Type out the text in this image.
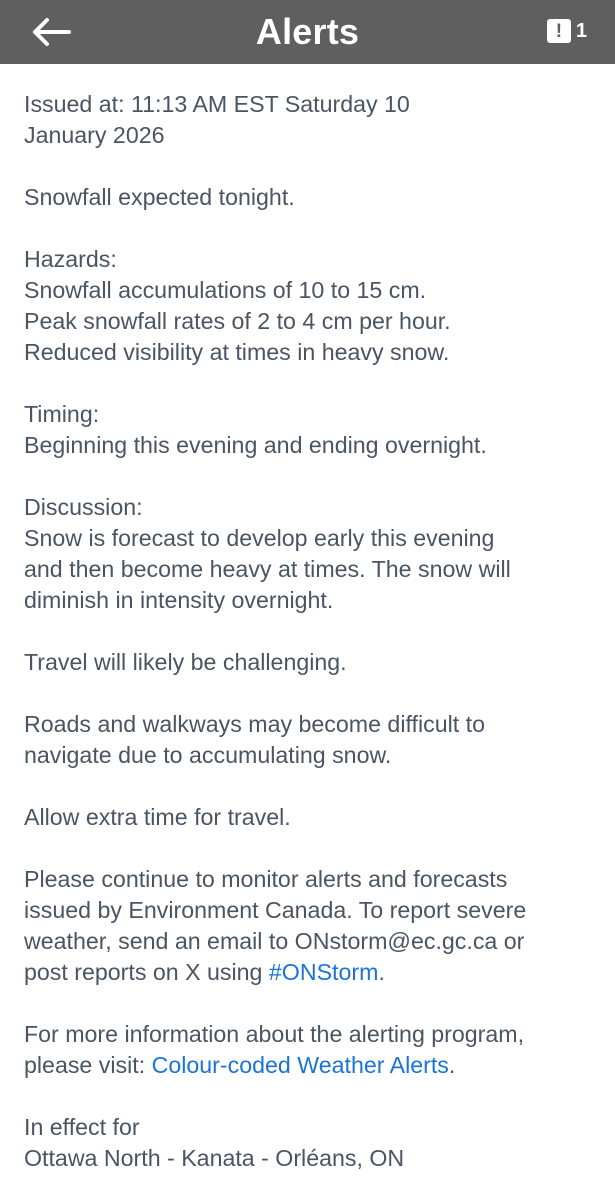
Alerts	! 1

Issued at: 11:13 AM EST Saturday 10
January 2026

Snowfall expected tonight.

Hazards:
Snowfall accumulations of 10 to 15 cm.
Peak snowfall rates of 2 to 4 cm per hour.
Reduced visibility at times in heavy snow.

Timing:
Beginning this evening and ending overnight.

Discussion:
Snow is forecast to develop early this evening
and then become heavy at times. The snow will
diminish in intensity overnight.

Travel will likely be challenging.

Roads and walkways may become difficult to
navigate due to accumulating snow.

Allow extra time for travel.

Please continue to monitor alerts and forecasts
issued by Environment Canada. To report severe
weather, send an email to ONstorm@ec.gc.ca or
post reports on X using #ONStorm.

For more information about the alerting program,
please visit: Colour-coded Weather Alerts.

In effect for
Ottawa North - Kanata - Orléans, ON
